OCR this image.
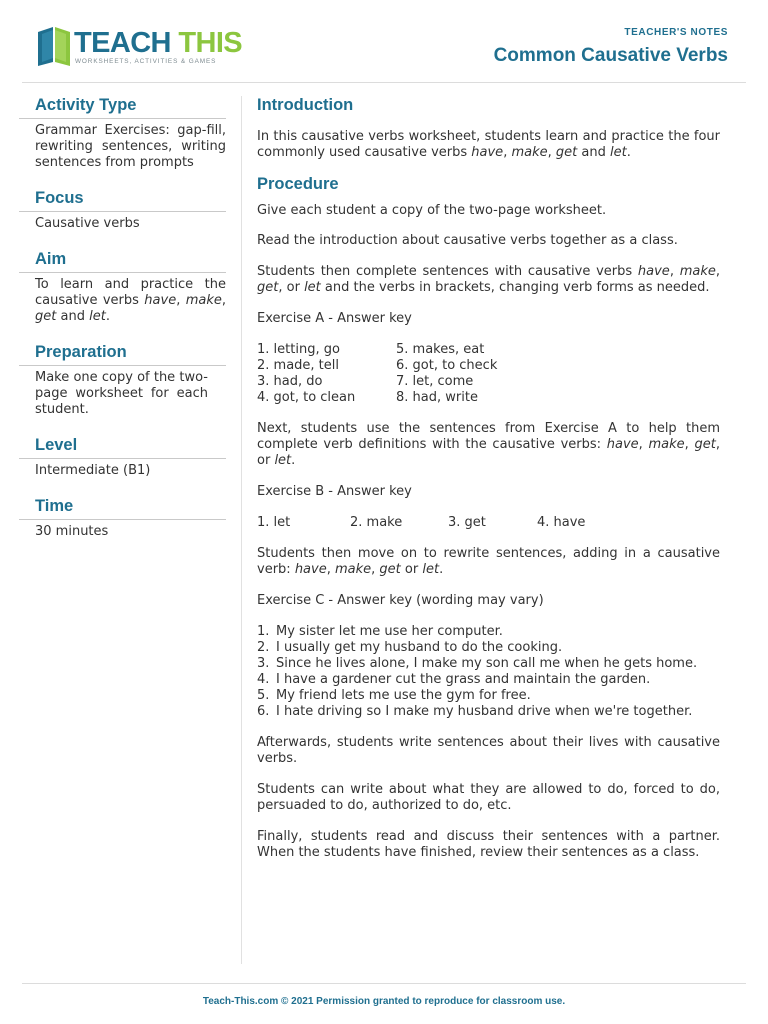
TEACH THIS
WORKSHEETS, ACTIVITIES & GAMES
TEACHER'S NOTES
Common Causative Verbs
Activity Type
Grammar Exercises: gap-fill, rewriting sentences, writing sentences from prompts
Focus
Causative verbs
Aim
To learn and practice the causative verbs have, make, get and let.
Preparation
Make one copy of the two-page worksheet for each student.
Level
Intermediate (B1)
Time
30 minutes
Introduction

In this causative verbs worksheet, students learn and practice the four commonly used causative verbs have, make, get and let.

Procedure

Give each student a copy of the two-page worksheet.

Read the introduction about causative verbs together as a class.

Students then complete sentences with causative verbs have, make, get, or let and the verbs in brackets, changing verb forms as needed.

Exercise A - Answer key

1. letting, go
2. made, tell
3. had, do
4. got, to clean
5. makes, eat
6. got, to check
7. let, come
8. had, write

Next, students use the sentences from Exercise A to help them complete verb definitions with the causative verbs: have, make, get, or let.

Exercise B - Answer key

1. let	2. make	3. get	4. have

Students then move on to rewrite sentences, adding in a causative verb: have, make, get or let.

Exercise C - Answer key (wording may vary)

1. My sister let me use her computer.
2. I usually get my husband to do the cooking.
3. Since he lives alone, I make my son call me when he gets home.
4. I have a gardener cut the grass and maintain the garden.
5. My friend lets me use the gym for free.
6. I hate driving so I make my husband drive when we're together.

Afterwards, students write sentences about their lives with causative verbs.

Students can write about what they are allowed to do, forced to do, persuaded to do, authorized to do, etc.

Finally, students read and discuss their sentences with a partner. When the students have finished, review their sentences as a class.

Teach-This.com © 2021 Permission granted to reproduce for classroom use.
